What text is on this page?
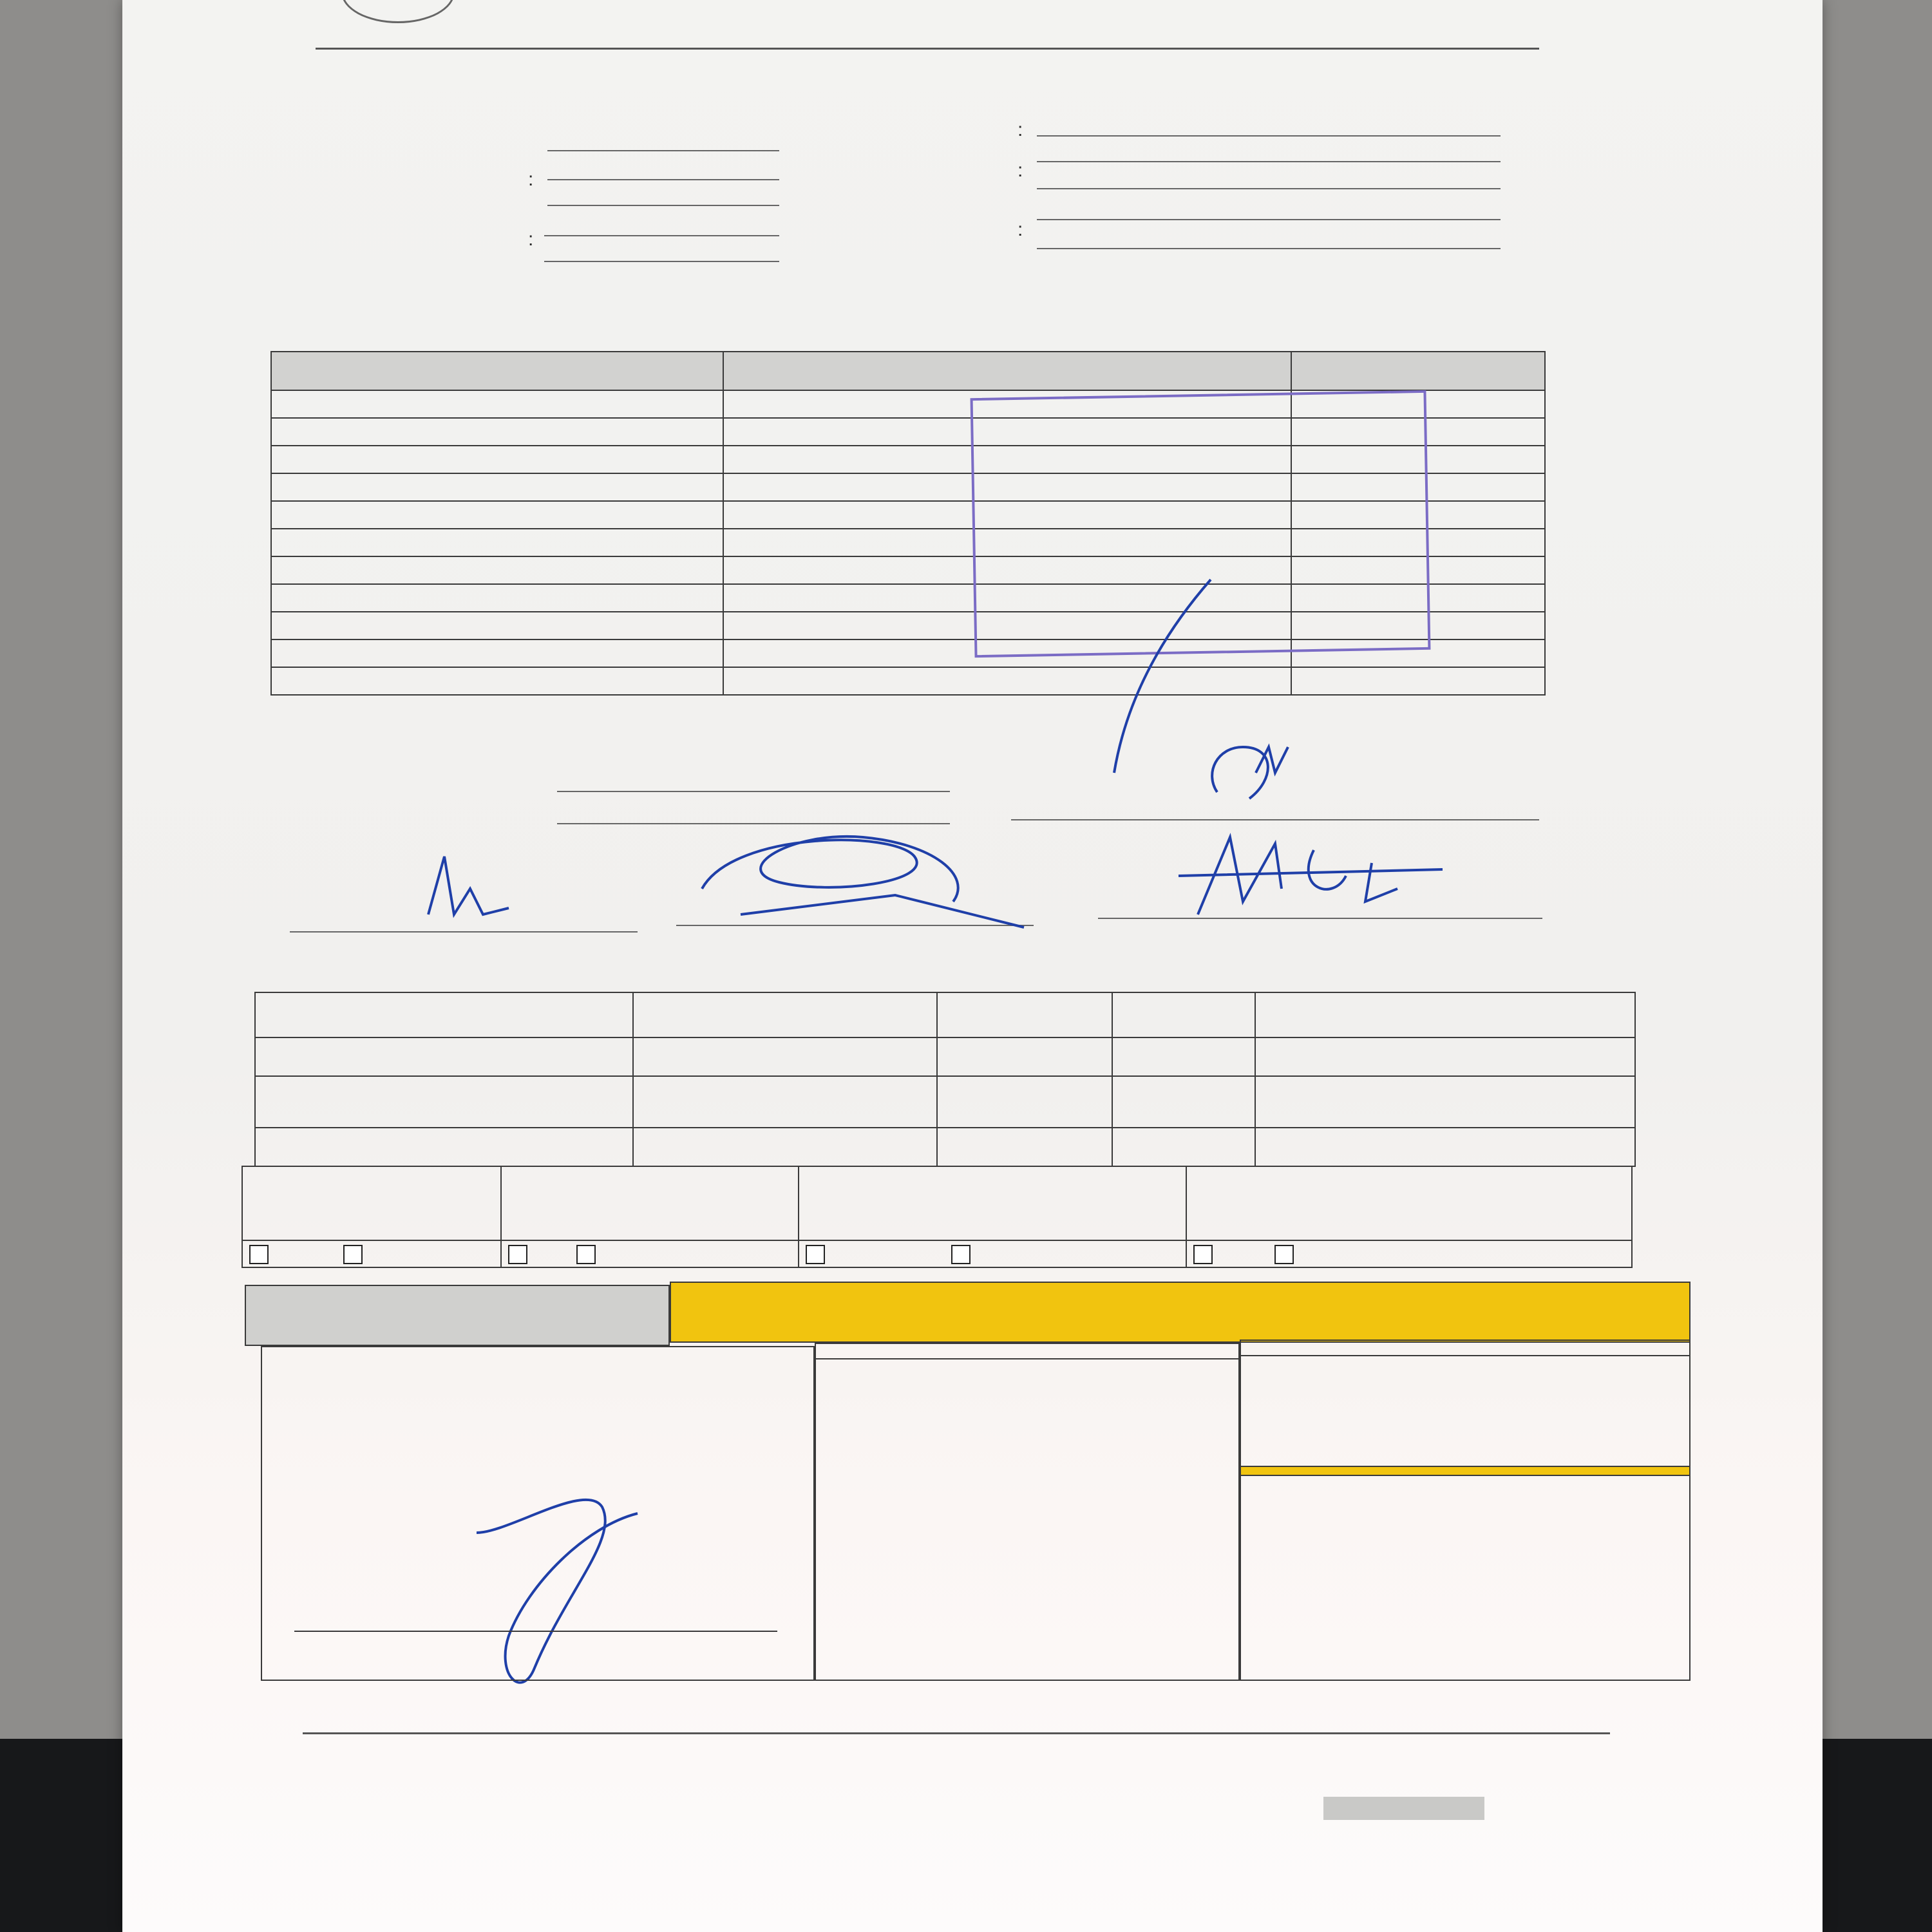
:
:
:
:
:
